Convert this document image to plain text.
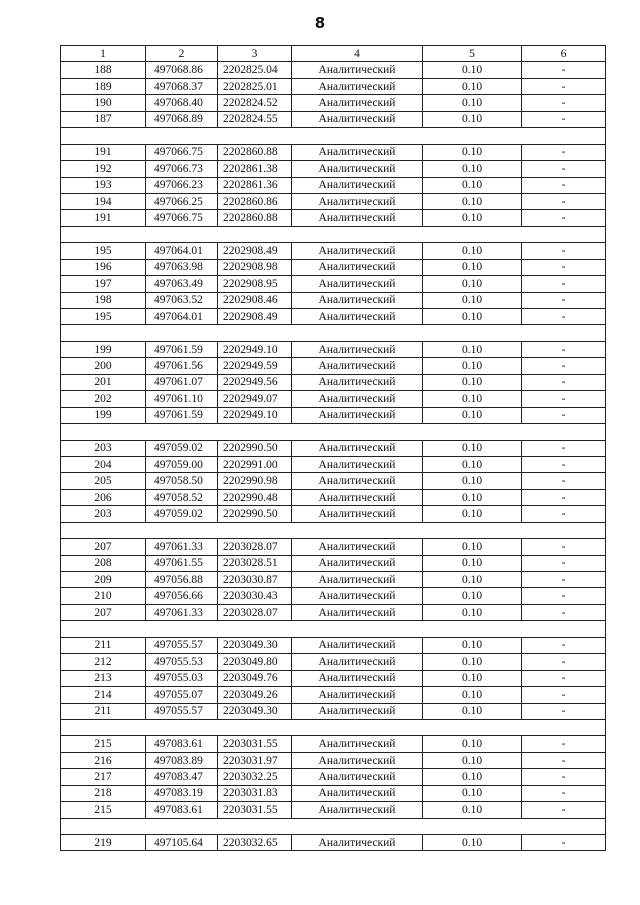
8
1	2	3	4	5	6
188	497068.86	2202825.04	Аналитический	0.10	-
189	497068.37	2202825.01	Аналитический	0.10	-
190	497068.40	2202824.52	Аналитический	0.10	-
187	497068.89	2202824.55	Аналитический	0.10	-

191	497066.75	2202860.88	Аналитический	0.10	-
192	497066.73	2202861.38	Аналитический	0.10	-
193	497066.23	2202861.36	Аналитический	0.10	-
194	497066.25	2202860.86	Аналитический	0.10	-
191	497066.75	2202860.88	Аналитический	0.10	-

195	497064.01	2202908.49	Аналитический	0.10	-
196	497063.98	2202908.98	Аналитический	0.10	-
197	497063.49	2202908.95	Аналитический	0.10	-
198	497063.52	2202908.46	Аналитический	0.10	-
195	497064.01	2202908.49	Аналитический	0.10	-

199	497061.59	2202949.10	Аналитический	0.10	-
200	497061.56	2202949.59	Аналитический	0.10	-
201	497061.07	2202949.56	Аналитический	0.10	-
202	497061.10	2202949.07	Аналитический	0.10	-
199	497061.59	2202949.10	Аналитический	0.10	-

203	497059.02	2202990.50	Аналитический	0.10	-
204	497059.00	2202991.00	Аналитический	0.10	-
205	497058.50	2202990.98	Аналитический	0.10	-
206	497058.52	2202990.48	Аналитический	0.10	-
203	497059.02	2202990.50	Аналитический	0.10	-

207	497061.33	2203028.07	Аналитический	0.10	-
208	497061.55	2203028.51	Аналитический	0.10	-
209	497056.88	2203030.87	Аналитический	0.10	-
210	497056.66	2203030.43	Аналитический	0.10	-
207	497061.33	2203028.07	Аналитический	0.10	-

211	497055.57	2203049.30	Аналитический	0.10	-
212	497055.53	2203049.80	Аналитический	0.10	-
213	497055.03	2203049.76	Аналитический	0.10	-
214	497055.07	2203049.26	Аналитический	0.10	-
211	497055.57	2203049.30	Аналитический	0.10	-

215	497083.61	2203031.55	Аналитический	0.10	-
216	497083.89	2203031.97	Аналитический	0.10	-
217	497083.47	2203032.25	Аналитический	0.10	-
218	497083.19	2203031.83	Аналитический	0.10	-
215	497083.61	2203031.55	Аналитический	0.10	-

219	497105.64	2203032.65	Аналитический	0.10	-
